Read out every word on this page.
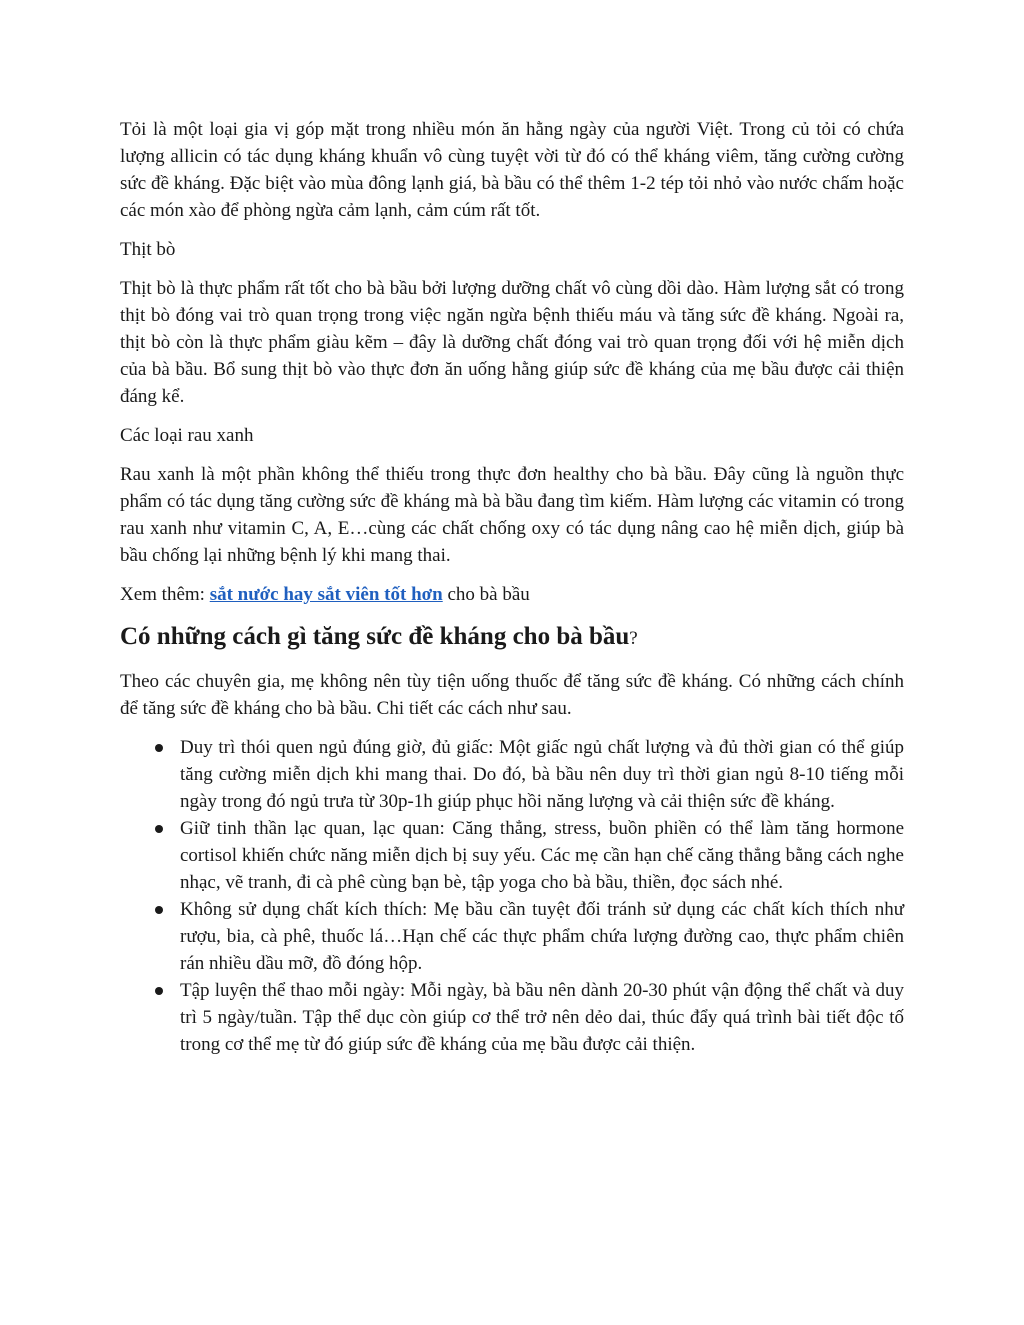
Tỏi là một loại gia vị góp mặt trong nhiều món ăn hằng ngày của người Việt. Trong củ tỏi có chứa lượng allicin có tác dụng kháng khuẩn vô cùng tuyệt vời từ đó có thể kháng viêm, tăng cường cường sức đề kháng. Đặc biệt vào mùa đông lạnh giá, bà bầu có thể thêm 1-2 tép tỏi nhỏ vào nước chấm hoặc các món xào để phòng ngừa cảm lạnh, cảm cúm rất tốt.

Thịt bò

Thịt bò là thực phẩm rất tốt cho bà bầu bởi lượng dưỡng chất vô cùng dồi dào. Hàm lượng sắt có trong thịt bò đóng vai trò quan trọng trong việc ngăn ngừa bệnh thiếu máu và tăng sức đề kháng. Ngoài ra, thịt bò còn là thực phẩm giàu kẽm – đây là dưỡng chất đóng vai trò quan trọng đối với hệ miễn dịch của bà bầu. Bổ sung thịt bò vào thực đơn ăn uống hằng giúp sức đề kháng của mẹ bầu được cải thiện đáng kể.

Các loại rau xanh

Rau xanh là một phần không thể thiếu trong thực đơn healthy cho bà bầu. Đây cũng là nguồn thực phẩm có tác dụng tăng cường sức đề kháng mà bà bầu đang tìm kiếm. Hàm lượng các vitamin có trong rau xanh như vitamin C, A, E…cùng các chất chống oxy có tác dụng nâng cao hệ miễn dịch, giúp bà bầu chống lại những bệnh lý khi mang thai.

Xem thêm: sắt nước hay sắt viên tốt hơn cho bà bầu

Có những cách gì tăng sức đề kháng cho bà bầu?

Theo các chuyên gia, mẹ không nên tùy tiện uống thuốc để tăng sức đề kháng. Có những cách chính để tăng sức đề kháng cho bà bầu. Chi tiết các cách như sau.

Duy trì thói quen ngủ đúng giờ, đủ giấc: Một giấc ngủ chất lượng và đủ thời gian có thể giúp tăng cường miễn dịch khi mang thai. Do đó, bà bầu nên duy trì thời gian ngủ 8-10 tiếng mỗi ngày trong đó ngủ trưa từ 30p-1h giúp phục hồi năng lượng và cải thiện sức đề kháng.

Giữ tinh thần lạc quan, lạc quan: Căng thẳng, stress, buồn phiền có thể làm tăng hormone cortisol khiến chức năng miễn dịch bị suy yếu. Các mẹ cần hạn chế căng thẳng bằng cách nghe nhạc, vẽ tranh, đi cà phê cùng bạn bè, tập yoga cho bà bầu, thiền, đọc sách nhé.

Không sử dụng chất kích thích: Mẹ bầu cần tuyệt đối tránh sử dụng các chất kích thích như rượu, bia, cà phê, thuốc lá…Hạn chế các thực phẩm chứa lượng đường cao, thực phẩm chiên rán nhiều dầu mỡ, đồ đóng hộp.

Tập luyện thể thao mỗi ngày: Mỗi ngày, bà bầu nên dành 20-30 phút vận động thể chất và duy trì 5 ngày/tuần. Tập thể dục còn giúp cơ thể trở nên dẻo dai, thúc đẩy quá trình bài tiết độc tố trong cơ thể mẹ từ đó giúp sức đề kháng của mẹ bầu được cải thiện.
